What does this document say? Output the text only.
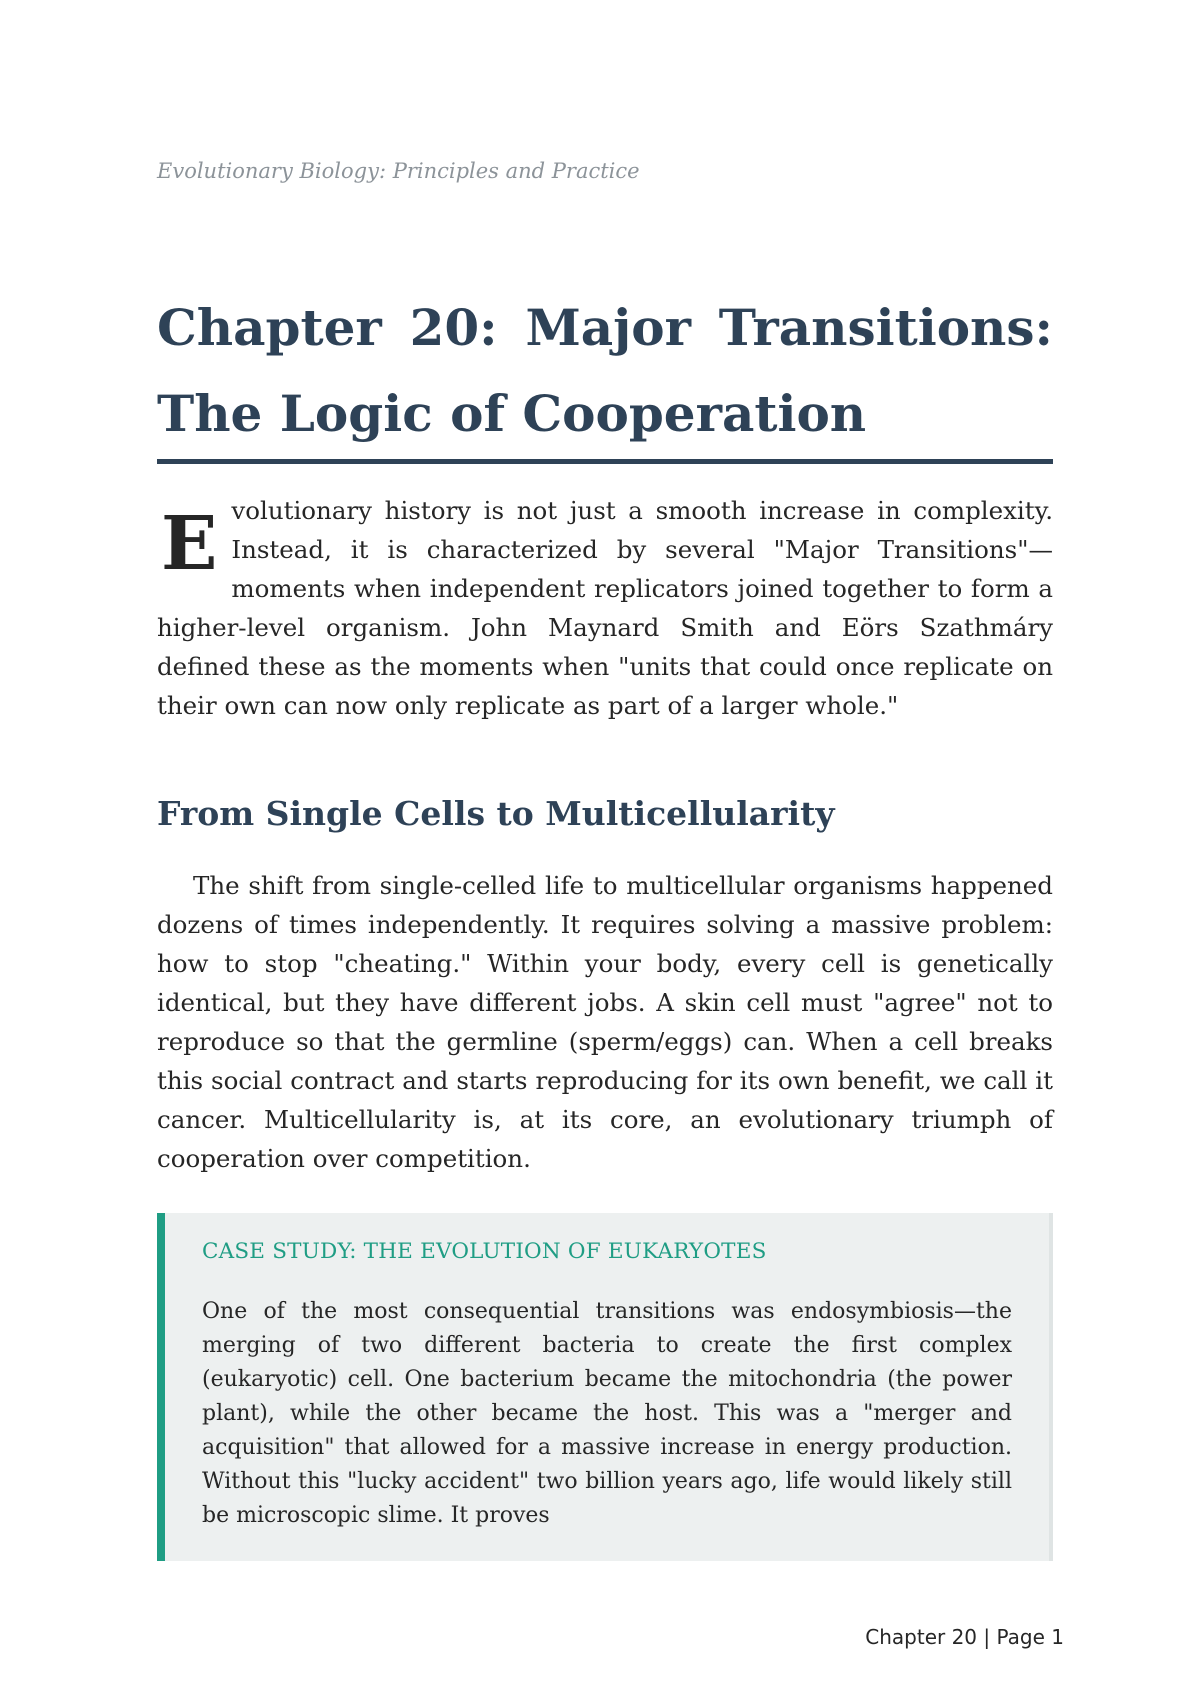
Evolutionary Biology: Principles and Practice
Chapter 20: Major Transitions: The Logic of Cooperation

Evolutionary history is not just a smooth increase in complexity. Instead, it is characterized by several "Major Transitions"—moments when independent replicators joined together to form a higher-level organism. John Maynard Smith and Eörs Szathmáry defined these as the moments when "units that could once replicate on their own can now only replicate as part of a larger whole."

From Single Cells to Multicellularity

The shift from single-celled life to multicellular organisms happened dozens of times independently. It requires solving a massive problem: how to stop "cheating." Within your body, every cell is genetically identical, but they have different jobs. A skin cell must "agree" not to reproduce so that the germline (sperm/eggs) can. When a cell breaks this social contract and starts reproducing for its own benefit, we call it cancer. Multicellularity is, at its core, an evolutionary triumph of cooperation over competition.

CASE STUDY: THE EVOLUTION OF EUKARYOTES

One of the most consequential transitions was endosymbiosis—the merging of two different bacteria to create the first complex (eukaryotic) cell. One bacterium became the mitochondria (the power plant), while the other became the host. This was a "merger and acquisition" that allowed for a massive increase in energy production. Without this "lucky accident" two billion years ago, life would likely still be microscopic slime. It proves

Chapter 20 | Page 1
